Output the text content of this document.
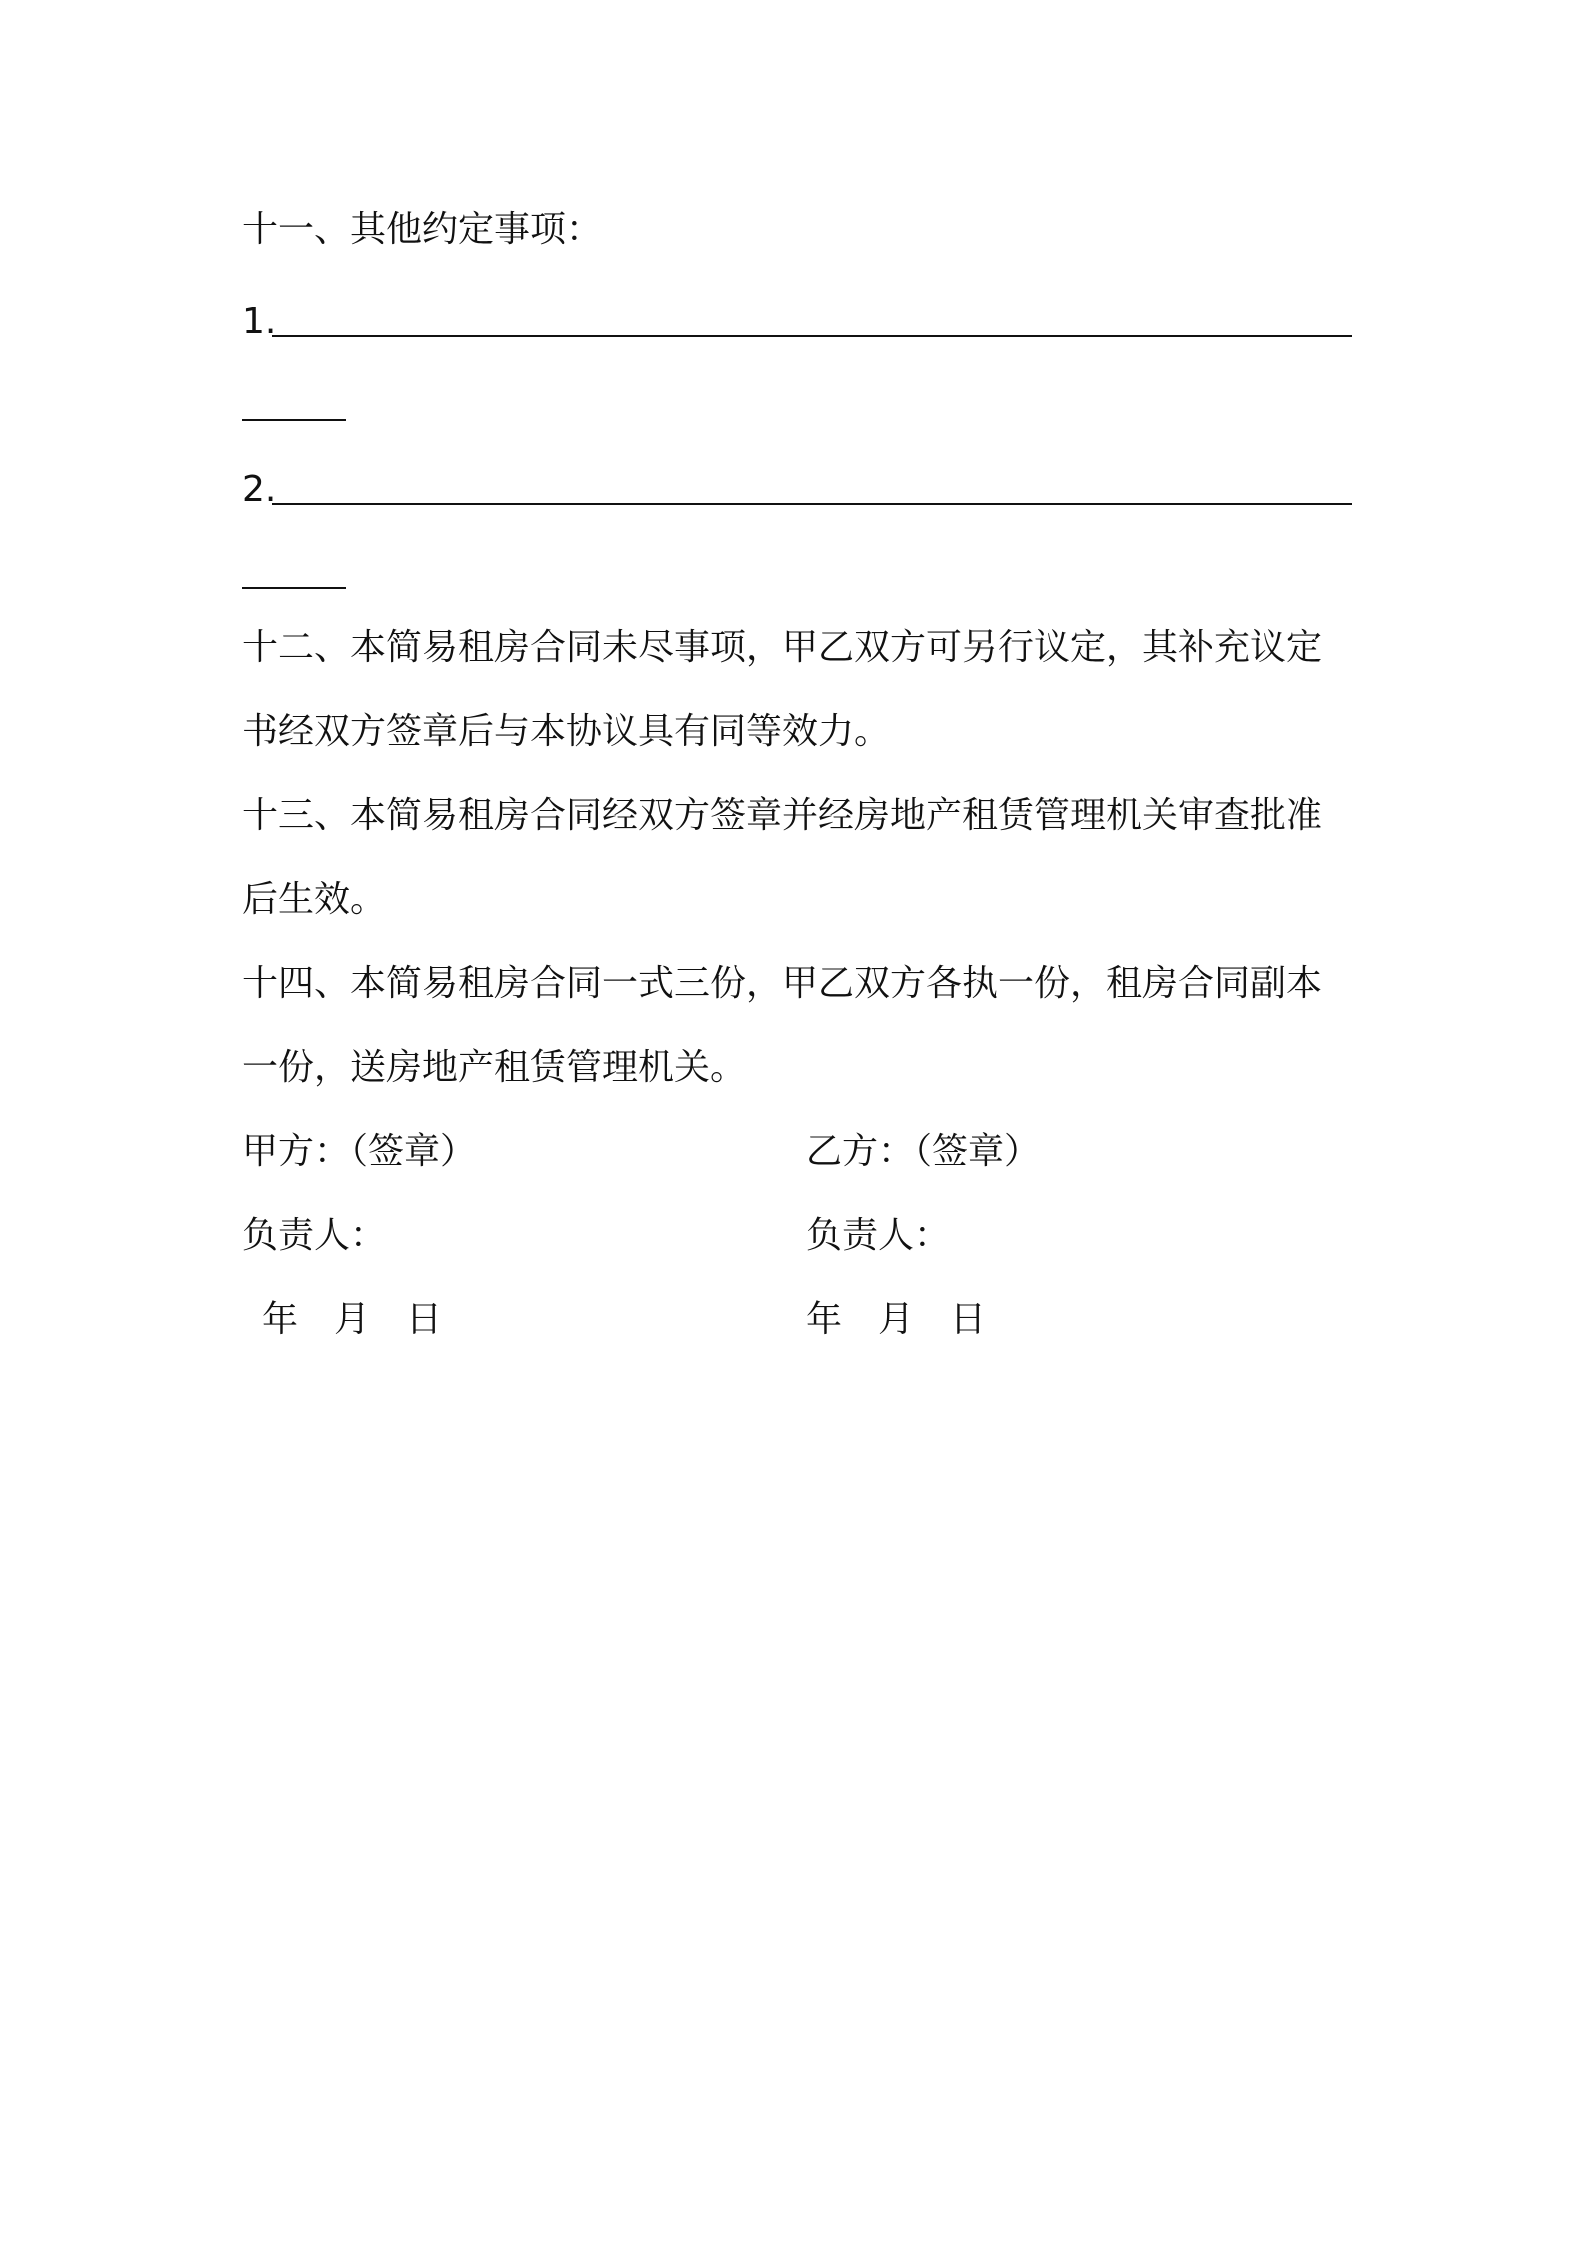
十一、其他约定事项：
1.
2.
十二、本简易租房合同未尽事项，甲乙双方可另行议定，其补充议定
书经双方签章后与本协议具有同等效力。
十三、本简易租房合同经双方签章并经房地产租赁管理机关审查批准
后生效。
十四、本简易租房合同一式三份，甲乙双方各执一份，租房合同副本
一份，送房地产租赁管理机关。
甲方：（签章）	乙方：（签章）
负责人：	负责人：
年 月 日	年 月 日
